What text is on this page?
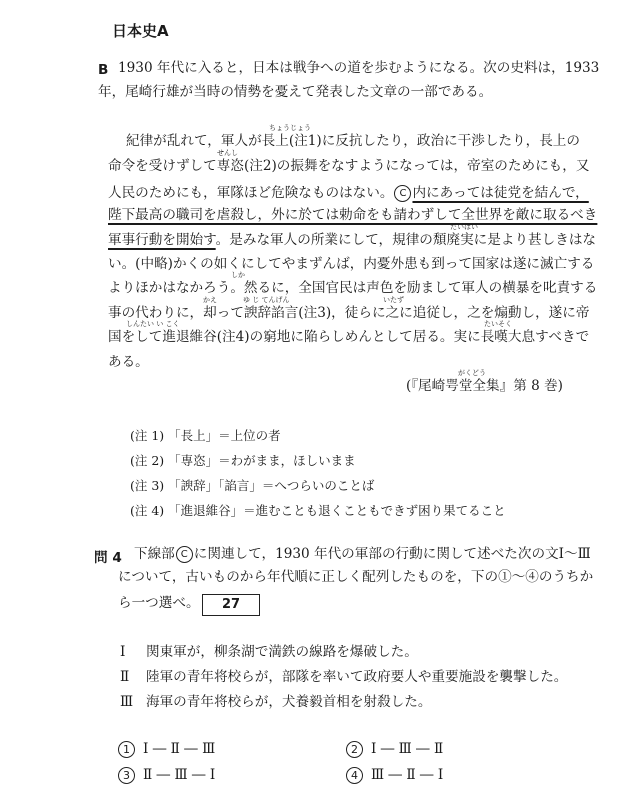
日本史A
B 1930 年代に入ると，日本は戦争への道を歩むようになる。次の史料は，1933
年，尾崎行雄が当時の情勢を憂えて発表した文章の一部である。
ちょうじょう
紀律が乱れて，軍人が長上(注1)に反抗したり，政治に干渉したり，長上の
せんし
命令を受けずして専恣(注2)の振舞をなすようになっては，帝室のためにも，又
人民のためにも，軍隊ほど危険なものはない。 C 内にあっては徒党を結んで，
陛下最高の職司を虐殺し，外に於ては勅命をも請わずして全世界を敵に取るべき
たいはい
軍事行動を開始す。是みな軍人の所業にして，規律の頽廃実に是より甚しきはな
い。(中略)かくの如くにしてやまずんば，内憂外患も到って国家は遂に滅亡する
しか
よりほかはなかろう。然るに，全国官民は声色を励まして軍人の横暴を叱責する
かえ	ゆ じ てんげん	いたず
事の代わりに，却って諛辞諂言(注3)，徒らに之に追従し，之を煽動し，遂に帝
しんたい い こく	たいそく
国をして進退維谷(注4)の窮地に陥らしめんとして居る。実に長嘆大息すべきで
ある。
がくどう
(『尾崎咢堂全集』第 8 巻)
(注 1) 「長上」＝上位の者
(注 2) 「専恣」＝わがまま，ほしいまま
(注 3) 「諛辞」「諂言」＝へつらいのことば
(注 4) 「進退維谷」＝進むことも退くこともできず困り果てること
問 4 下線部 C に関連して，1930 年代の軍部の行動に関して述べた次の文Ⅰ～Ⅲ
について，古いものから年代順に正しく配列したものを，下の①～④のうちか
ら一つ選べ。	27
Ⅰ 関東軍が，柳条湖で満鉄の線路を爆破した。
Ⅱ 陸軍の青年将校らが，部隊を率いて政府要人や重要施設を襲撃した。
Ⅲ 海軍の青年将校らが，犬養毅首相を射殺した。
1 Ⅰ ― Ⅱ ― Ⅲ	2 Ⅰ ― Ⅲ ― Ⅱ
3 Ⅱ ― Ⅲ ― Ⅰ	4 Ⅲ ― Ⅱ ― Ⅰ
